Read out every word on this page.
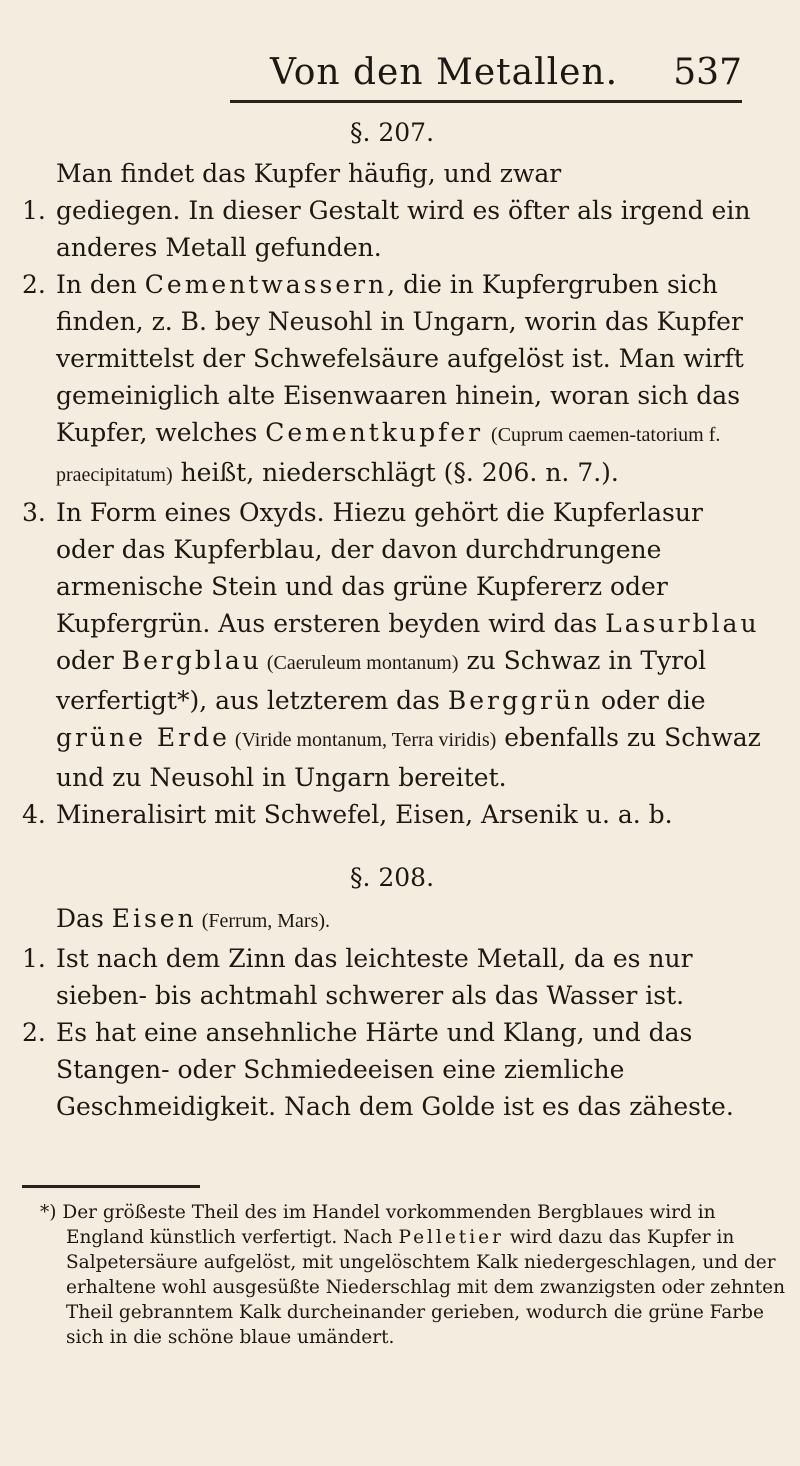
Von den Metallen. 537
§. 207.

Man findet das Kupfer häufig, und zwar

1. gediegen. In dieser Gestalt wird es öfter als irgend ein anderes Metall gefunden.

2. In den Cementwassern, die in Kupfergruben sich finden, z. B. bey Neusohl in Ungarn, worin das Kupfer vermittelst der Schwefelsäure aufgelöst ist. Man wirft gemeiniglich alte Eisenwaaren hinein, woran sich das Kupfer, welches Cementkupfer (Cuprum caemen-tatorium f. praecipitatum) heißt, niederschlägt (§. 206. n. 7.).

3. In Form eines Oxyds. Hiezu gehört die Kupferlasur oder das Kupferblau, der davon durchdrungene armenische Stein und das grüne Kupfererz oder Kupfergrün. Aus ersteren beyden wird das Lasurblau oder Bergblau (Caeruleum montanum) zu Schwaz in Tyrol verfertigt*), aus letzterem das Berggrün oder die grüne Erde (Viride montanum, Terra viridis) ebenfalls zu Schwaz und zu Neusohl in Ungarn bereitet.

4. Mineralisirt mit Schwefel, Eisen, Arsenik u. a. b.

§. 208.

Das Eisen (Ferrum, Mars).

1. Ist nach dem Zinn das leichteste Metall, da es nur sieben- bis achtmahl schwerer als das Wasser ist.

2. Es hat eine ansehnliche Härte und Klang, und das Stangen- oder Schmiedeeisen eine ziemliche Geschmeidigkeit. Nach dem Golde ist es das zäheste.

*) Der größeste Theil des im Handel vorkommenden Bergblaues wird in England künstlich verfertigt. Nach Pelletier wird dazu das Kupfer in Salpetersäure aufgelöst, mit ungelöschtem Kalk niedergeschlagen, und der erhaltene wohl ausgesüßte Niederschlag mit dem zwanzigsten oder zehnten Theil gebranntem Kalk durcheinander gerieben, wodurch die grüne Farbe sich in die schöne blaue umändert.
